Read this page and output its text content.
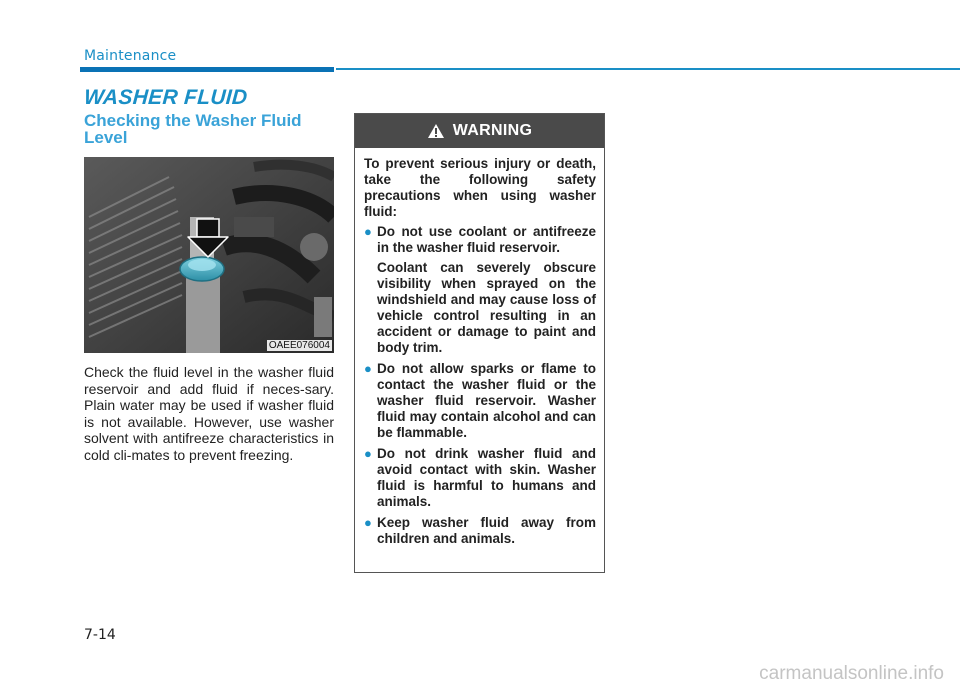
Maintenance
WASHER FLUID
Checking the Washer Fluid Level
OAEE076004
Check the fluid level in the washer fluid reservoir and add fluid if neces-sary. Plain water may be used if washer fluid is not available. However, use washer solvent with antifreeze characteristics in cold cli-mates to prevent freezing.
WARNING

To prevent serious injury or death, take the following safety precautions when using washer fluid:

● Do not use coolant or antifreeze in the washer fluid reservoir.

Coolant can severely obscure visibility when sprayed on the windshield and may cause loss of vehicle control resulting in an accident or damage to paint and body trim.

● Do not allow sparks or flame to contact the washer fluid or the washer fluid reservoir. Washer fluid may contain alcohol and can be flammable.

● Do not drink washer fluid and avoid contact with skin. Washer fluid is harmful to humans and animals.

● Keep washer fluid away from children and animals.

7-14
carmanualsonline.info
